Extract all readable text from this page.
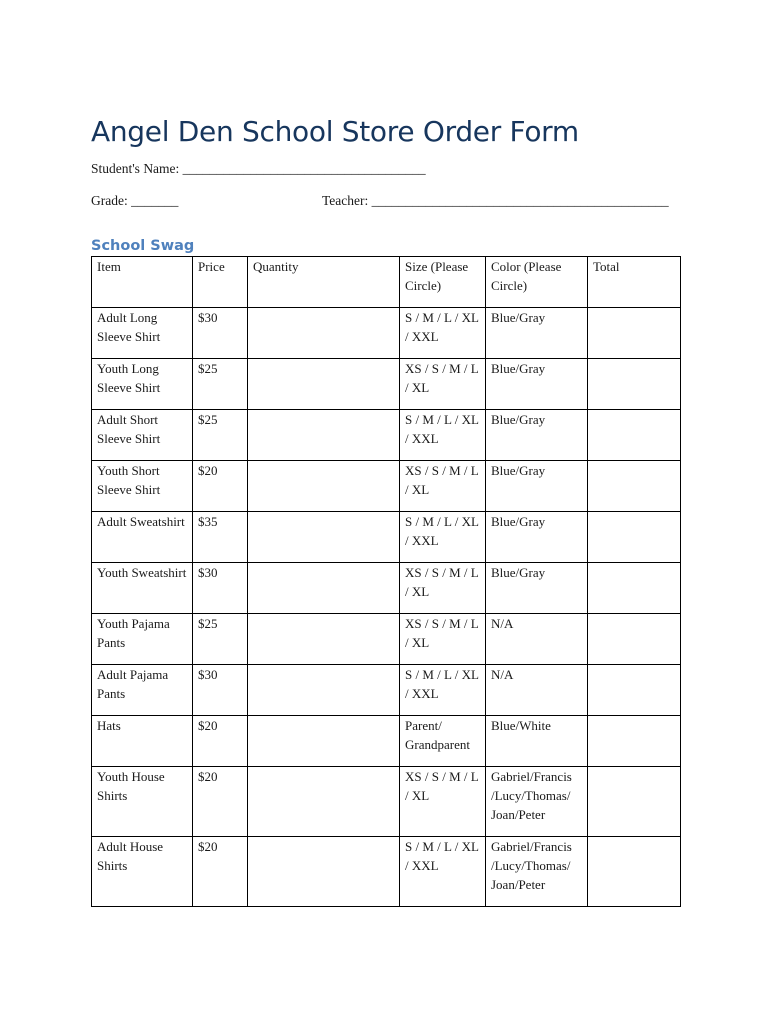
Angel Den School Store Order Form
Student's Name: ____________________________________
Grade: _______	Teacher: ____________________________________________
School Swag
Item	Price	Quantity	Size (Please Circle)	Color (Please Circle)	Total
Adult Long Sleeve Shirt	$30		S / M / L / XL / XXL	Blue/Gray	
Youth Long Sleeve Shirt	$25		XS / S / M / L / XL	Blue/Gray	
Adult Short Sleeve Shirt	$25		S / M / L / XL / XXL	Blue/Gray	
Youth Short Sleeve Shirt	$20		XS / S / M / L / XL	Blue/Gray	
Adult Sweatshirt	$35		S / M / L / XL / XXL	Blue/Gray	
Youth Sweatshirt	$30		XS / S / M / L / XL	Blue/Gray	
Youth Pajama Pants	$25		XS / S / M / L / XL	N/A	
Adult Pajama Pants	$30		S / M / L / XL / XXL	N/A	
Hats	$20		Parent/ Grandparent	Blue/White	
Youth House Shirts	$20		XS / S / M / L / XL	Gabriel/Francis /Lucy/Thomas/ Joan/Peter	
Adult House Shirts	$20		S / M / L / XL / XXL	Gabriel/Francis /Lucy/Thomas/ Joan/Peter	
